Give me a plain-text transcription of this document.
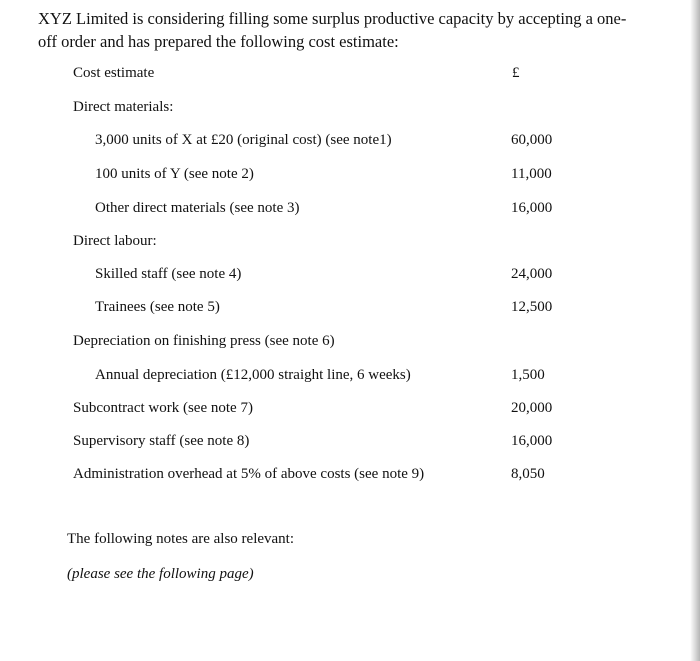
XYZ Limited is considering filling some surplus productive capacity by accepting a one-off order and has prepared the following cost estimate:

Cost estimate	£
Direct materials:
3,000 units of X at £20 (original cost) (see note1)	60,000
100 units of Y (see note 2)	11,000
Other direct materials (see note 3)	16,000
Direct labour:
Skilled staff (see note 4)	24,000
Trainees (see note 5)	12,500
Depreciation on finishing press (see note 6)
Annual depreciation (£12,000 straight line, 6 weeks)	1,500
Subcontract work (see note 7)	20,000
Supervisory staff (see note 8)	16,000
Administration overhead at 5% of above costs (see note 9)	8,050
The following notes are also relevant:
(please see the following page)
